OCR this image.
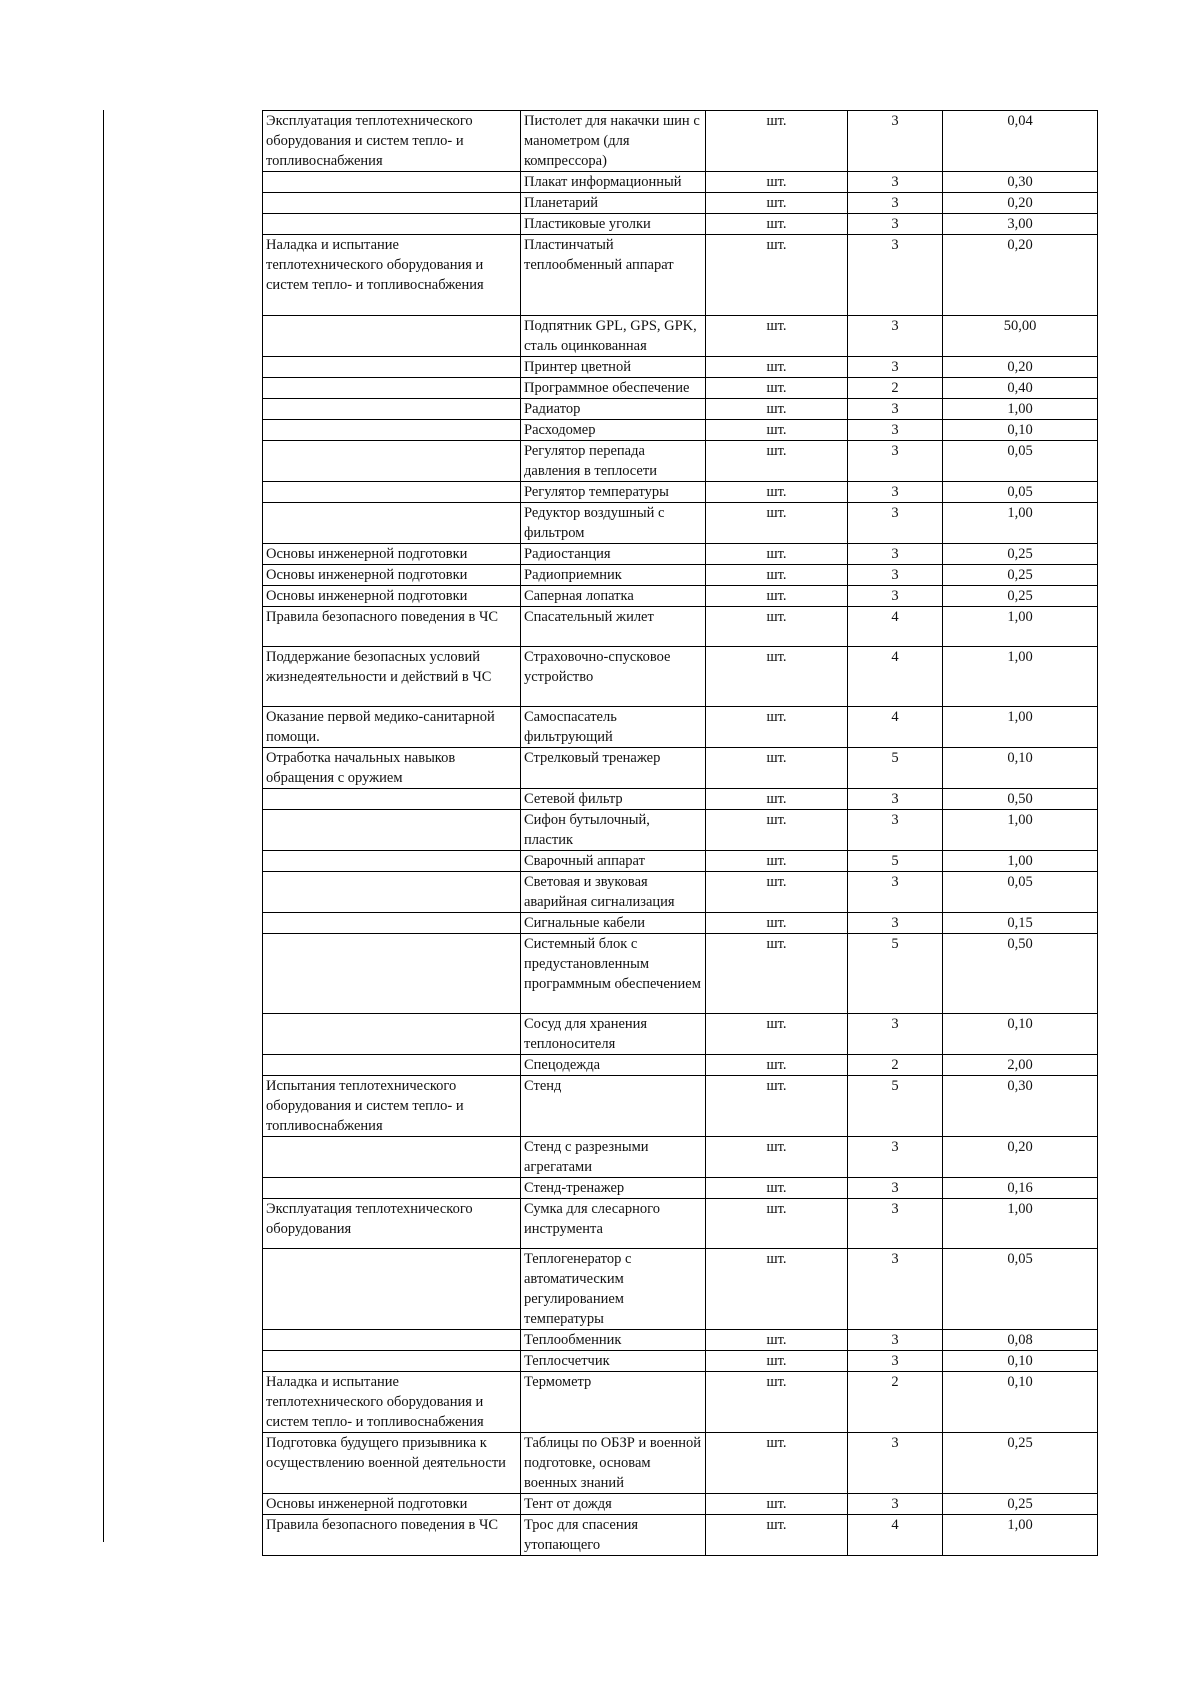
Эксплуатация теплотехнического оборудования и систем тепло- и топливоснабжения	Пистолет для накачки шин с манометром (для компрессора)	шт.	3	0,04
	Плакат информационный	шт.	3	0,30
	Планетарий	шт.	3	0,20
	Пластиковые уголки	шт.	3	3,00
Наладка и испытание теплотехнического оборудования и систем тепло- и топливоснабжения	Пластинчатый теплообменный аппарат	шт.	3	0,20
	Подпятник GPL, GPS, GPK, сталь оцинкованная	шт.	3	50,00
	Принтер цветной	шт.	3	0,20
	Программное обеспечение	шт.	2	0,40
	Радиатор	шт.	3	1,00
	Расходомер	шт.	3	0,10
	Регулятор перепада давления в теплосети	шт.	3	0,05
	Регулятор температуры	шт.	3	0,05
	Редуктор воздушный с фильтром	шт.	3	1,00
Основы инженерной подготовки	Радиостанция	шт.	3	0,25
Основы инженерной подготовки	Радиоприемник	шт.	3	0,25
Основы инженерной подготовки	Саперная лопатка	шт.	3	0,25
Правила безопасного поведения в ЧС	Спасательный жилет	шт.	4	1,00
Поддержание безопасных условий жизнедеятельности и действий в ЧС	Страховочно-спусковое устройство	шт.	4	1,00
Оказание первой медико-санитарной помощи.	Самоспасатель фильтрующий	шт.	4	1,00
Отработка начальных навыков обращения с оружием	Стрелковый тренажер	шт.	5	0,10
	Сетевой фильтр	шт.	3	0,50
	Сифон бутылочный, пластик	шт.	3	1,00
	Сварочный аппарат	шт.	5	1,00
	Световая и звуковая аварийная сигнализация	шт.	3	0,05
	Сигнальные кабели	шт.	3	0,15
	Системный блок с предустановленным программным обеспечением	шт.	5	0,50
	Сосуд для хранения теплоносителя	шт.	3	0,10
	Спецодежда	шт.	2	2,00
Испытания теплотехнического оборудования и систем тепло- и топливоснабжения	Стенд	шт.	5	0,30
	Стенд с разрезными агрегатами	шт.	3	0,20
	Стенд-тренажер	шт.	3	0,16
Эксплуатация теплотехнического оборудования	Сумка для слесарного инструмента	шт.	3	1,00
	Теплогенератор с автоматическим регулированием температуры	шт.	3	0,05
	Теплообменник	шт.	3	0,08
	Теплосчетчик	шт.	3	0,10
Наладка и испытание теплотехнического оборудования и систем тепло- и топливоснабжения	Термометр	шт.	2	0,10
Подготовка будущего призывника к осуществлению военной деятельности	Таблицы по ОБЗР и военной подготовке, основам военных знаний	шт.	3	0,25
Основы инженерной подготовки	Тент от дождя	шт.	3	0,25
Правила безопасного поведения в ЧС	Трос для спасения утопающего	шт.	4	1,00
